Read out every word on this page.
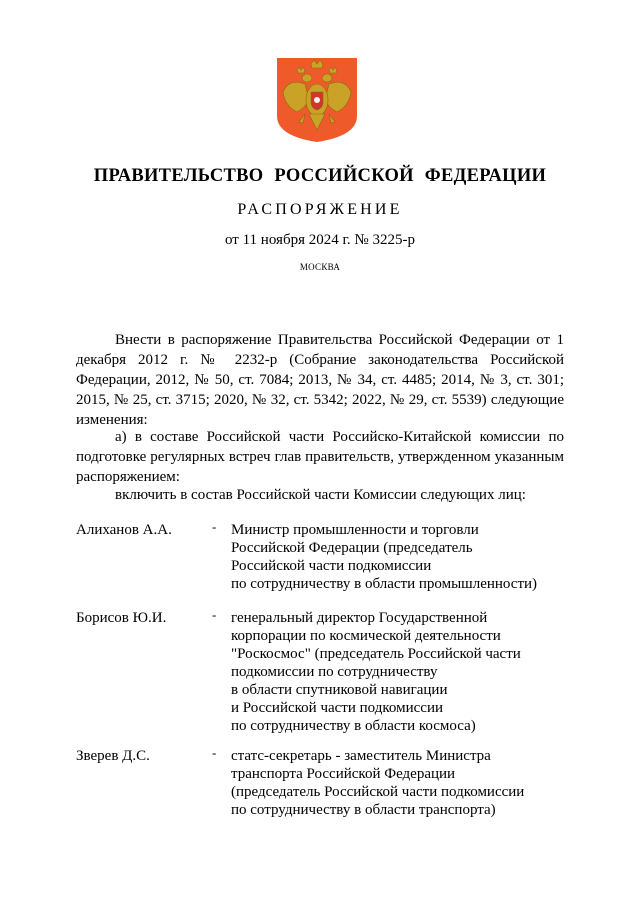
ПРАВИТЕЛЬСТВО РОССИЙСКОЙ ФЕДЕРАЦИИ
РАСПОРЯЖЕНИЕ
от 11 ноября 2024 г. № 3225-р
МОСКВА

Внести в распоряжение Правительства Российской Федерации от 1 декабря 2012 г. № 2232-р (Собрание законодательства Российской Федерации, 2012, № 50, ст. 7084; 2013, № 34, ст. 4485; 2014, № 3, ст. 301; 2015, № 25, ст. 3715; 2020, № 32, ст. 5342; 2022, № 29, ст. 5539) следующие изменения:

а) в составе Российской части Российско-Китайской комиссии по подготовке регулярных встреч глав правительств, утвержденном указанным распоряжением:

включить в состав Российской части Комиссии следующих лиц:

Алиханов А.А.	- Министр промышленности и торговли
Российской Федерации (председатель
Российской части подкомиссии
по сотрудничеству в области промышленности)
Борисов Ю.И.	- генеральный директор Государственной
корпорации по космической деятельности
"Роскосмос" (председатель Российской части
подкомиссии по сотрудничеству
в области спутниковой навигации
и Российской части подкомиссии
по сотрудничеству в области космоса)
Зверев Д.С.	- статс-секретарь - заместитель Министра
транспорта Российской Федерации
(председатель Российской части подкомиссии
по сотрудничеству в области транспорта)
